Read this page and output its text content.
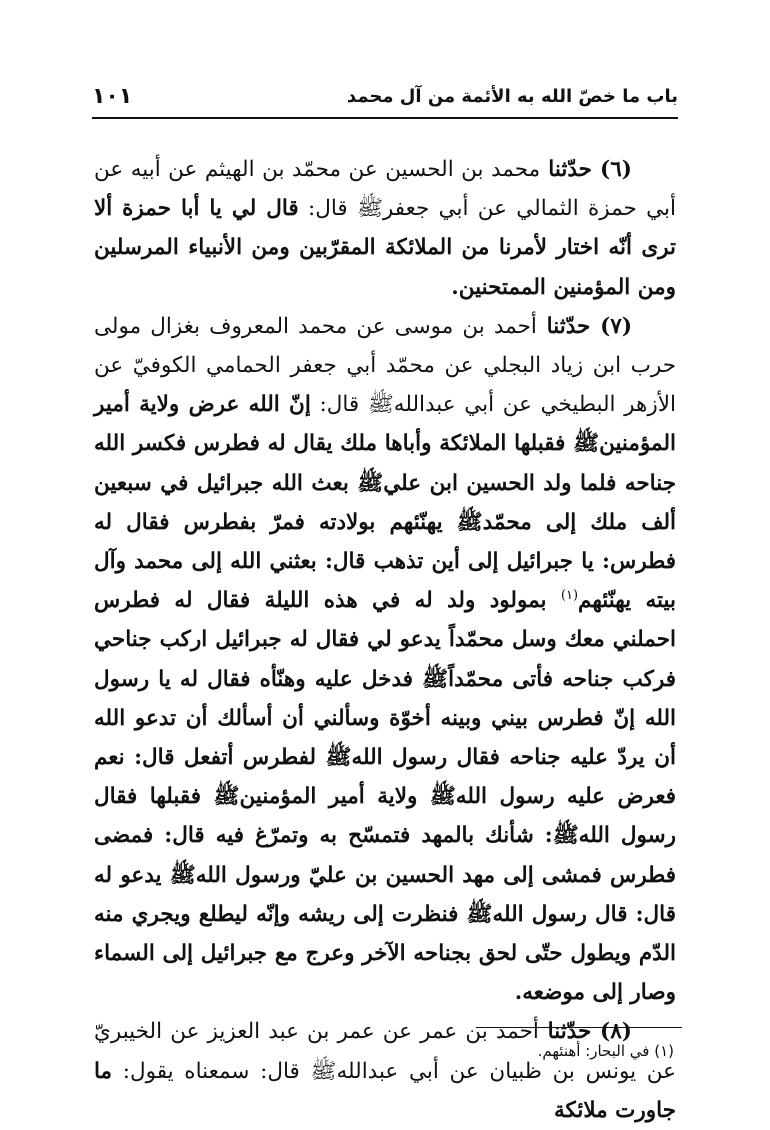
باب ما خصّ الله به الأئمة من آل محمد
١٠١

(٦) حدّثنا محمد بن الحسين عن محمّد بن الهيثم عن أبيه عن أبي حمزة الثمالي عن أبي جعفرﷺ قال: قال لي يا أبا حمزة ألا ترى أنّه اختار لأمرنا من الملائكة المقرّبين ومن الأنبياء المرسلين ومن المؤمنين الممتحنين.

(٧) حدّثنا أحمد بن موسى عن محمد المعروف بغزال مولى حرب ابن زياد البجلي عن محمّد أبي جعفر الحمامي الكوفيّ عن الأزهر البطيخي عن أبي عبداللهﷺ قال: إنّ الله عرض ولاية أمير المؤمنينﷺ فقبلها الملائكة وأباها ملك يقال له فطرس فكسر الله جناحه فلما ولد الحسين ابن عليﷺ بعث الله جبرائيل في سبعين ألف ملك إلى محمّدﷺ يهنّئهم بولادته فمرّ بفطرس فقال له فطرس: يا جبرائيل إلى أين تذهب قال: بعثني الله إلى محمد وآل بيته يهنّئهم$^{(١)}$ بمولود ولد له في هذه الليلة فقال له فطرس احملني معك وسل محمّداً يدعو لي فقال له جبرائيل اركب جناحي فركب جناحه فأتى محمّداًﷺ فدخل عليه وهنّأه فقال له يا رسول الله إنّ فطرس بيني وبينه أخوّة وسألني أن أسألك أن تدعو الله أن يردّ عليه جناحه فقال رسول اللهﷺ لفطرس أتفعل قال: نعم فعرض عليه رسول اللهﷺ ولاية أمير المؤمنينﷺ فقبلها فقال رسول اللهﷺ: شأنك بالمهد فتمسّح به وتمرّغ فيه قال: فمضى فطرس فمشى إلى مهد الحسين بن عليّ ورسول اللهﷺ يدعو له قال: قال رسول اللهﷺ فنظرت إلى ريشه وإنّه ليطلع ويجري منه الدّم ويطول حتّى لحق بجناحه الآخر وعرج مع جبرائيل إلى السماء وصار إلى موضعه.

(٨) حدّثنا أحمد بن عمر عن عمر بن عبد العزيز عن الخيبريّ عن يونس بن ظبيان عن أبي عبداللهﷺ قال: سمعناه يقول: ما جاورت ملائكة

(١) في البحار: أهنئهم.
